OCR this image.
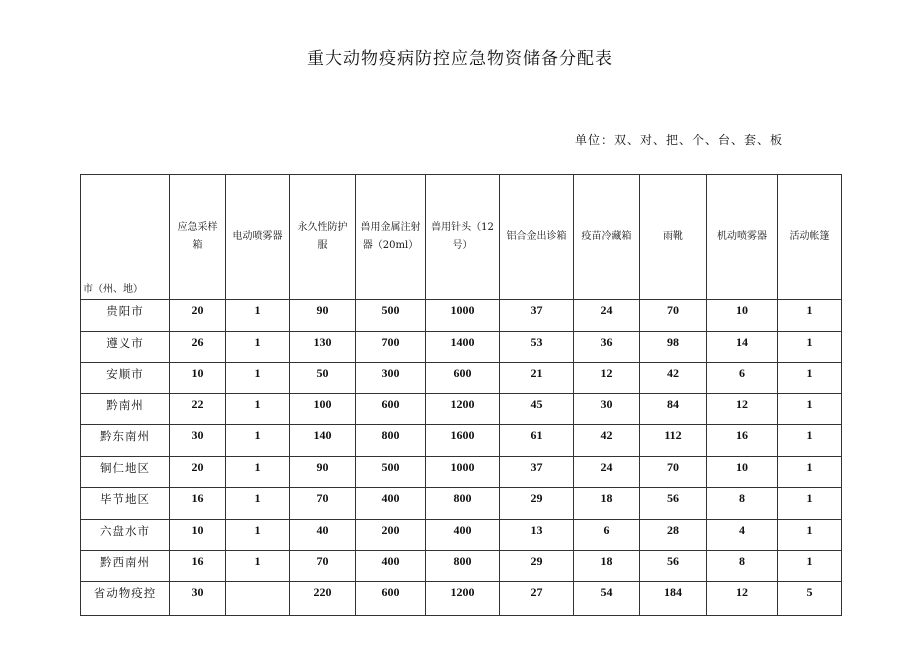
重大动物疫病防控应急物资储备分配表
单位：双、对、把、个、台、套、板
市（州、地）	应急采样箱	电动喷雾器	永久性防护服	兽用金属注射器（20ml）	兽用针头（12号）	铝合金出诊箱	疫苗冷藏箱	雨靴	机动喷雾器	活动帐篷
贵阳市	20	1	90	500	1000	37	24	70	10	1
遵义市	26	1	130	700	1400	53	36	98	14	1
安顺市	10	1	50	300	600	21	12	42	6	1
黔南州	22	1	100	600	1200	45	30	84	12	1
黔东南州	30	1	140	800	1600	61	42	112	16	1
铜仁地区	20	1	90	500	1000	37	24	70	10	1
毕节地区	16	1	70	400	800	29	18	56	8	1
六盘水市	10	1	40	200	400	13	6	28	4	1
黔西南州	16	1	70	400	800	29	18	56	8	1
省动物疫控	30		220	600	1200	27	54	184	12	5
